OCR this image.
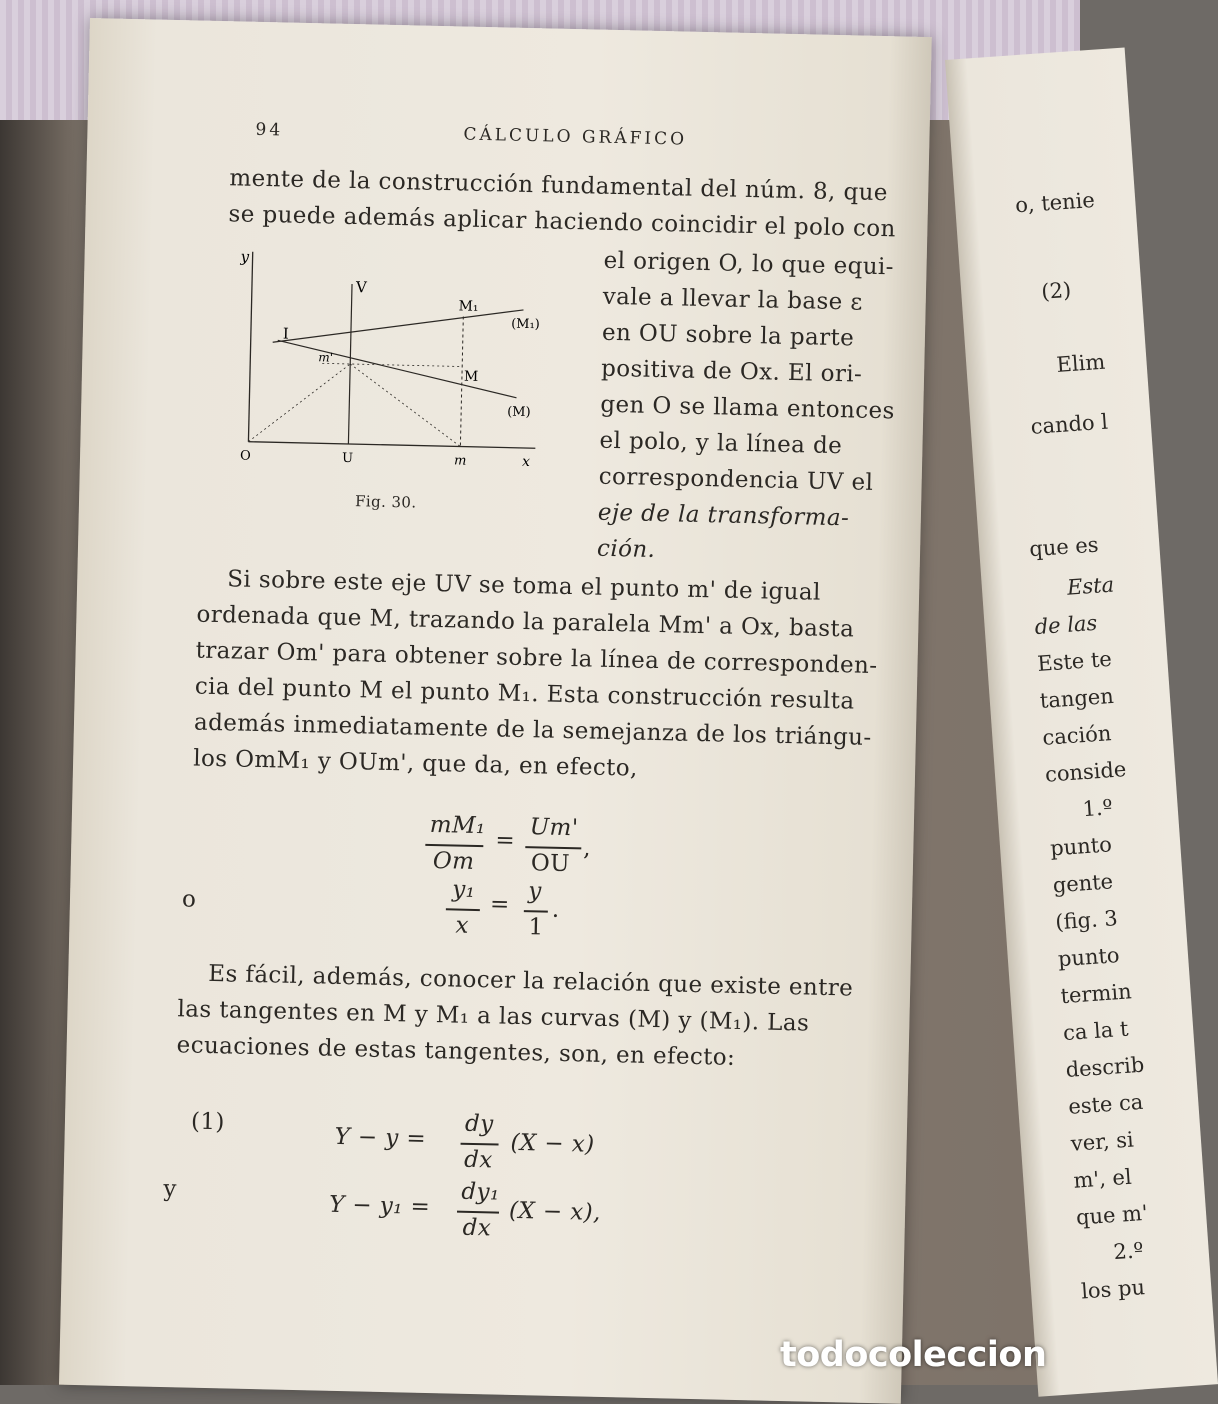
o, tenie
(2)
Elim
cando l
que es
Esta
de las
Este te
tangen
cación
conside
1.º
punto
gente
(fig. 3
punto
termin
ca la t
describ
este ca
ver, si
m', el
que m'
2.º
los pu
94	CÁLCULO GRÁFICO
mente de la construcción fundamental del núm. 8, que
se puede además aplicar haciendo coincidir el polo con
y
V
I
m'
M₁
(M₁)
M
(M)
O	U	m	x
Fig. 30.
el origen O, lo que equi-
vale a llevar la base ε
en OU sobre la parte
positiva de Ox. El ori-
gen O se llama entonces
el polo, y la línea de
correspondencia UV el
eje de la transforma-
ción.
Si sobre este eje UV se toma el punto m' de igual
ordenada que M, trazando la paralela Mm' a Ox, basta
trazar Om' para obtener sobre la línea de corresponden-
cia del punto M el punto M₁. Esta construcción resulta
además inmediatamente de la semejanza de los triángu-
los OmM₁ y OUm', que da, en efecto,
mM₁
Om
= Um'
OU
,
o	y₁
x
= y
1
.
Es fácil, además, conocer la relación que existe entre
las tangentes en M y M₁ a las curvas (M) y (M₁). Las
ecuaciones de estas tangentes, son, en efecto:
(1)
Y − y = dy
dx
(X − x)
y
Y − y₁ = dy₁
dx
(X − x),
todocoleccion
